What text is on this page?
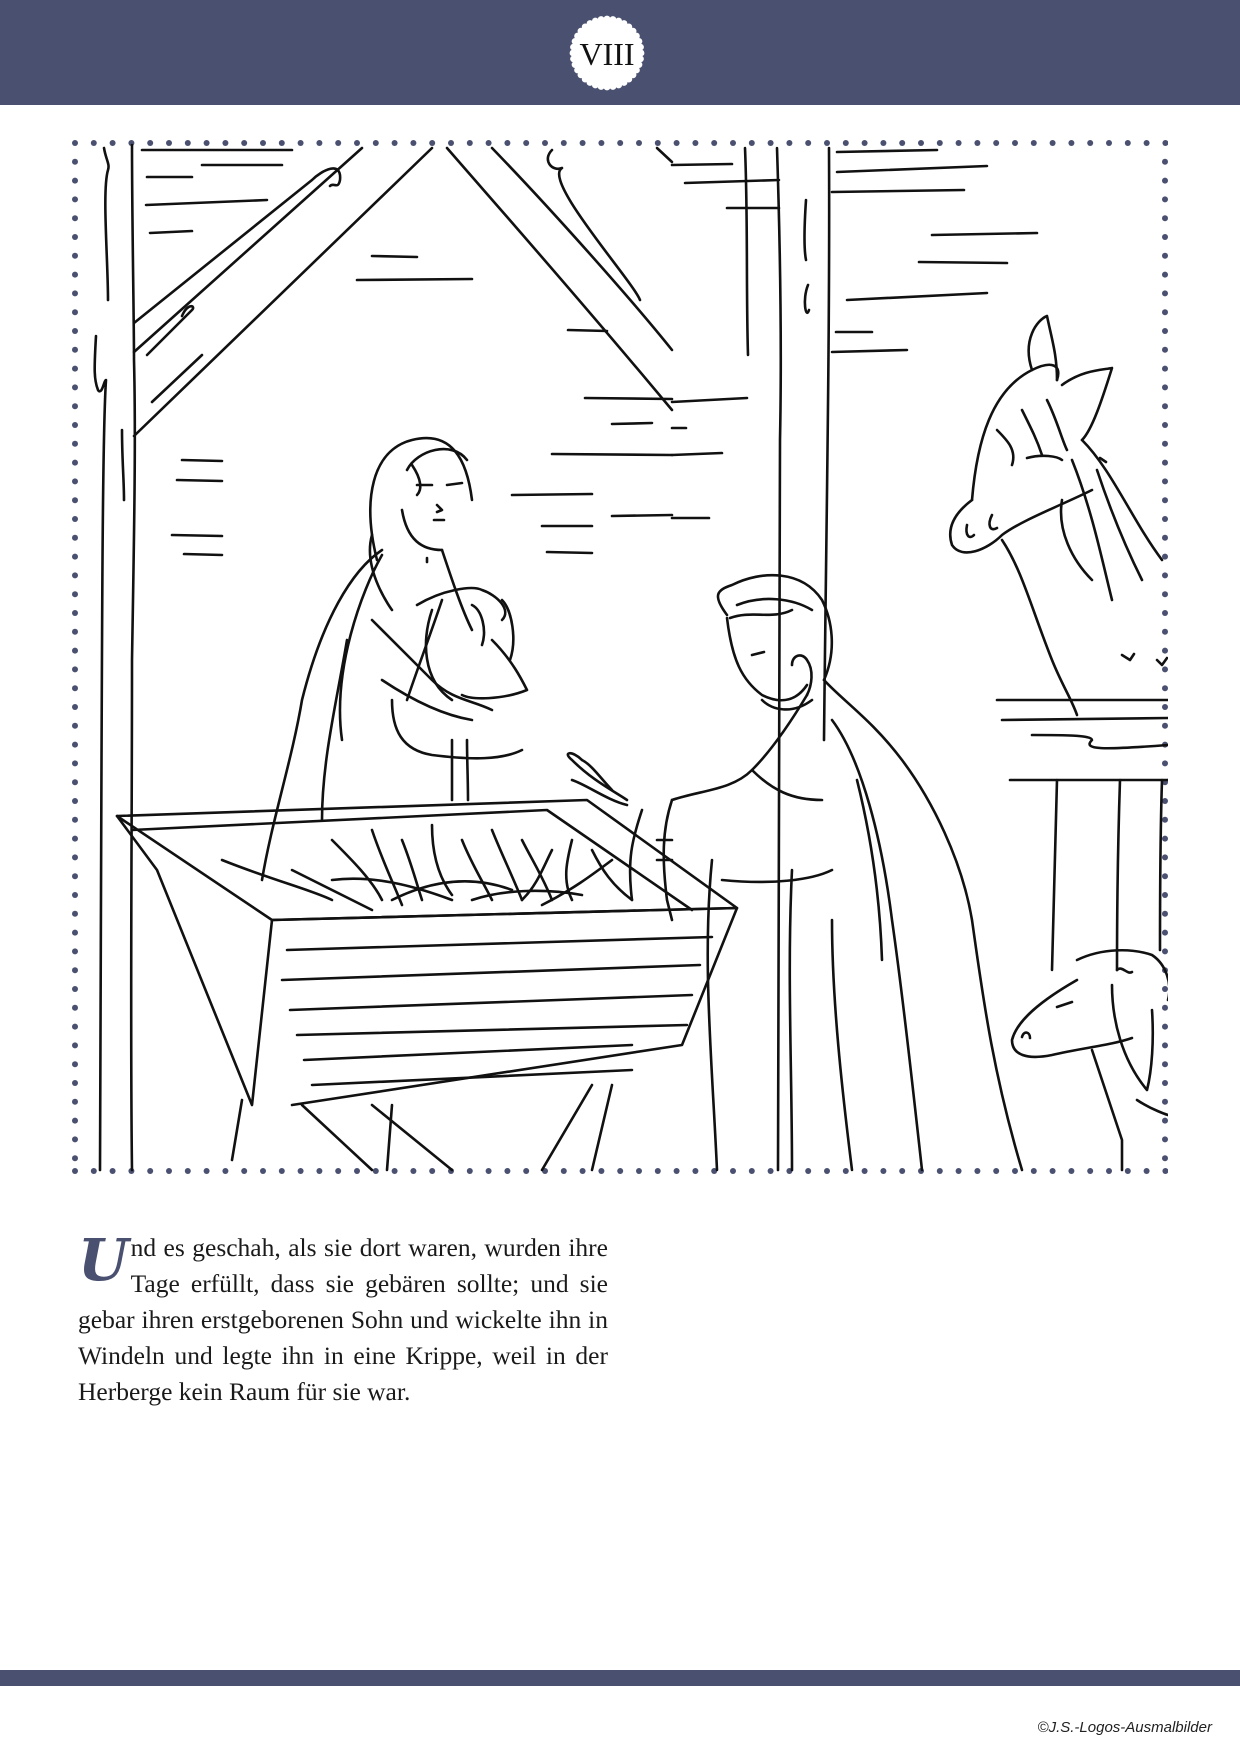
VIII
U nd es geschah, als sie dort waren, wurden ihre Tage erfüllt, dass sie gebären sollte; und sie gebar ihren erstgeborenen Sohn und wickelte ihn in Windeln und legte ihn in eine Krippe, weil in der Herberge kein Raum für sie war.
©J.S.-Logos-Ausmalbilder
